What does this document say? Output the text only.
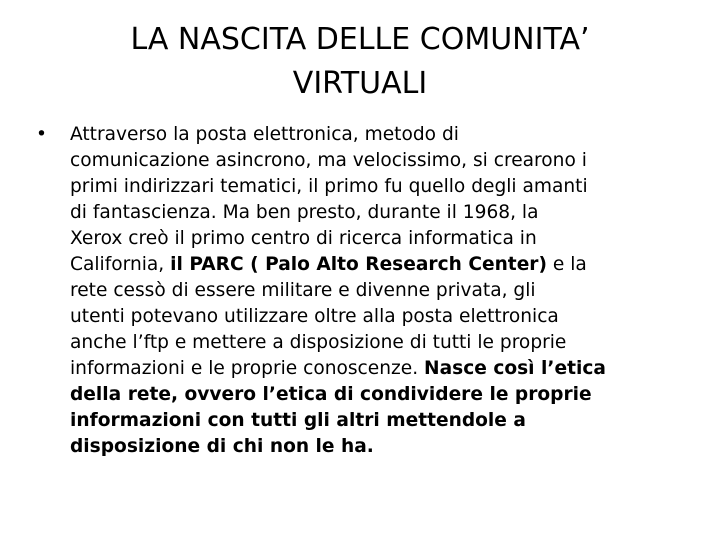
LA NASCITA DELLE COMUNITA’
VIRTUALI

•	Attraverso la posta elettronica, metodo di
comunicazione asincrono, ma velocissimo, si crearono i
primi indirizzari tematici, il primo fu quello degli amanti
di fantascienza. Ma ben presto, durante il 1968, la
Xerox creò il primo centro di ricerca informatica in
California, il PARC ( Palo Alto Research Center) e la
rete cessò di essere militare e divenne privata, gli
utenti potevano utilizzare oltre alla posta elettronica
anche l’ftp e mettere a disposizione di tutti le proprie
informazioni e le proprie conoscenze. Nasce così l’etica
della rete, ovvero l’etica di condividere le proprie
informazioni con tutti gli altri mettendole a
disposizione di chi non le ha.
